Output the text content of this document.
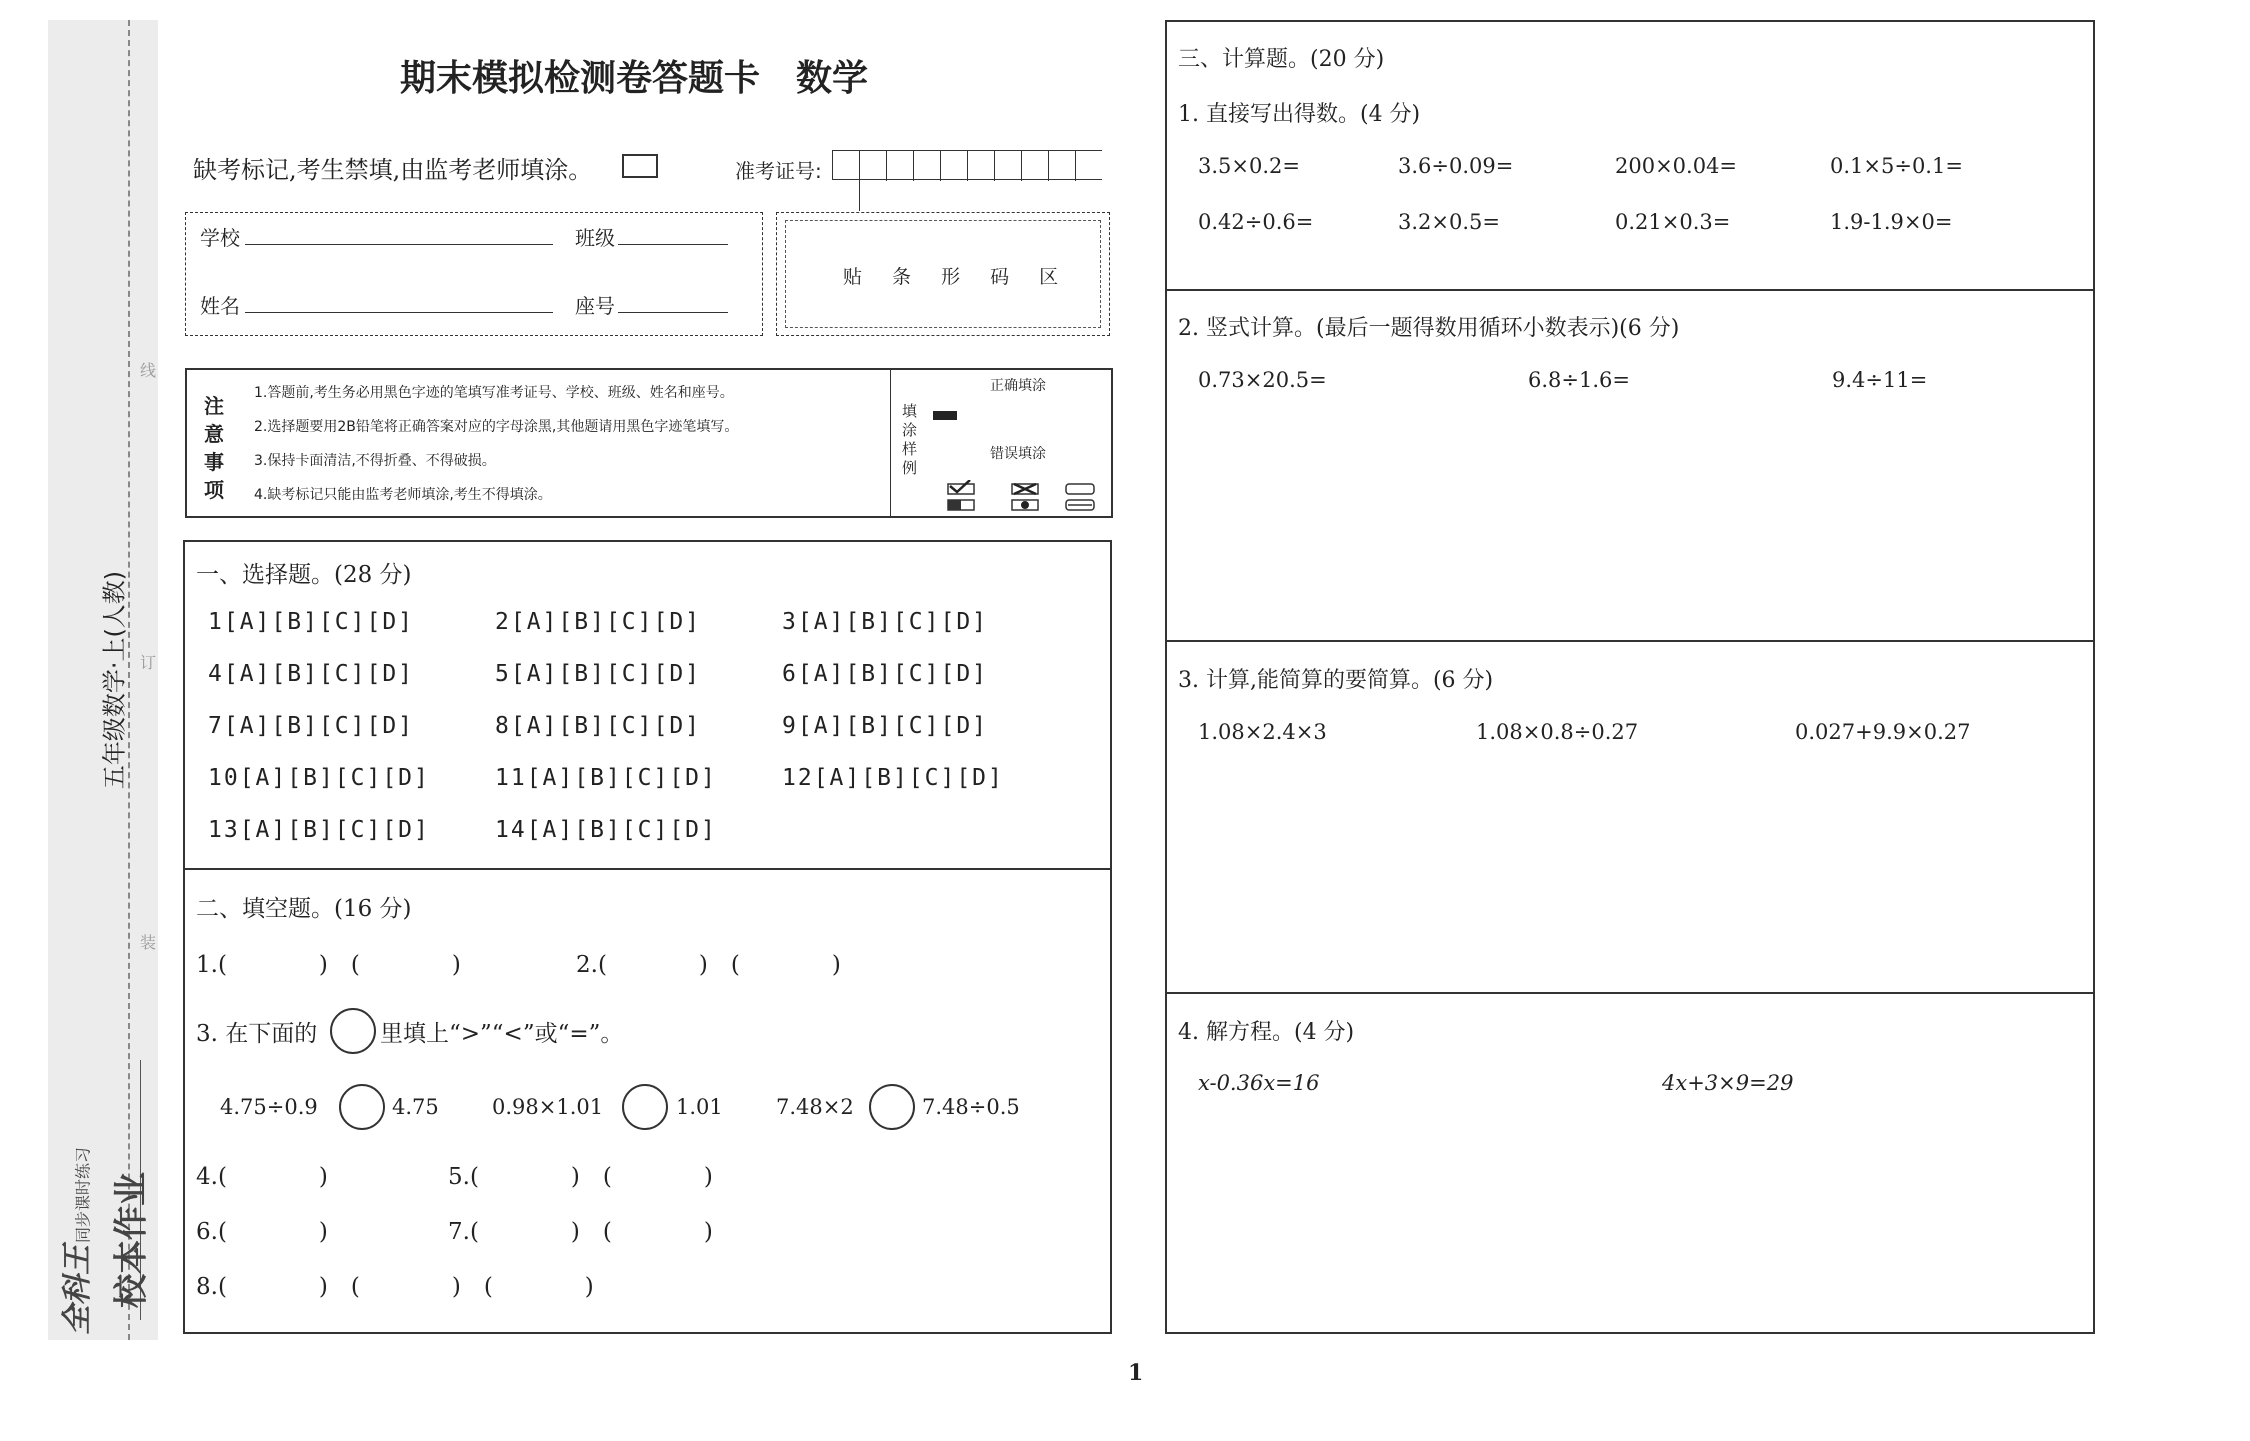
线
订
装
五年级数学·上(人教)
校本作业
同步课时练习
全科王
期末模拟检测卷答题卡　数学
缺考标记,考生禁填,由监考老师填涂。	准考证号:
学校	班级
姓名	座号
贴 条 形 码 区
注意事项
1.答题前,考生务必用黑色字迹的笔填写准考证号、学校、班级、姓名和座号。
2.选择题要用2B铅笔将正确答案对应的字母涂黑,其他题请用黑色字迹笔填写。
3.保持卡面清洁,不得折叠、不得破损。
4.缺考标记只能由监考老师填涂,考生不得填涂。
填涂样例
正确填涂
错误填涂
一、选择题。(28 分)
1[A][B][C][D]	2[A][B][C][D]	3[A][B][C][D]
4[A][B][C][D]	5[A][B][C][D]	6[A][B][C][D]
7[A][B][C][D]	8[A][B][C][D]	9[A][B][C][D]
10[A][B][C][D]	11[A][B][C][D]	12[A][B][C][D]
13[A][B][C][D]	14[A][B][C][D]
二、填空题。(16 分)
1.(　　　　)　(　　　　)	2.(　　　　)　(　　　　)
3. 在下面的	里填上“>”“<”或“=”。
4.75÷0.9	4.75	0.98×1.01	1.01	7.48×2	7.48÷0.5
4.(　　　　)	5.(　　　　)　(　　　　)
6.(　　　　)	7.(　　　　)　(　　　　)
8.(　　　　)　(　　　　)　(　　　　)
三、计算题。(20 分)
1. 直接写出得数。(4 分)
3.5×0.2=	3.6÷0.09=	200×0.04=	0.1×5÷0.1=
0.42÷0.6=	3.2×0.5=	0.21×0.3=	1.9-1.9×0=
2. 竖式计算。(最后一题得数用循环小数表示)(6 分)
0.73×20.5=	6.8÷1.6=	9.4÷11=
3. 计算,能简算的要简算。(6 分)
1.08×2.4×3	1.08×0.8÷0.27	0.027+9.9×0.27
4. 解方程。(4 分)
x-0.36x=16	4x+3×9=29
1
